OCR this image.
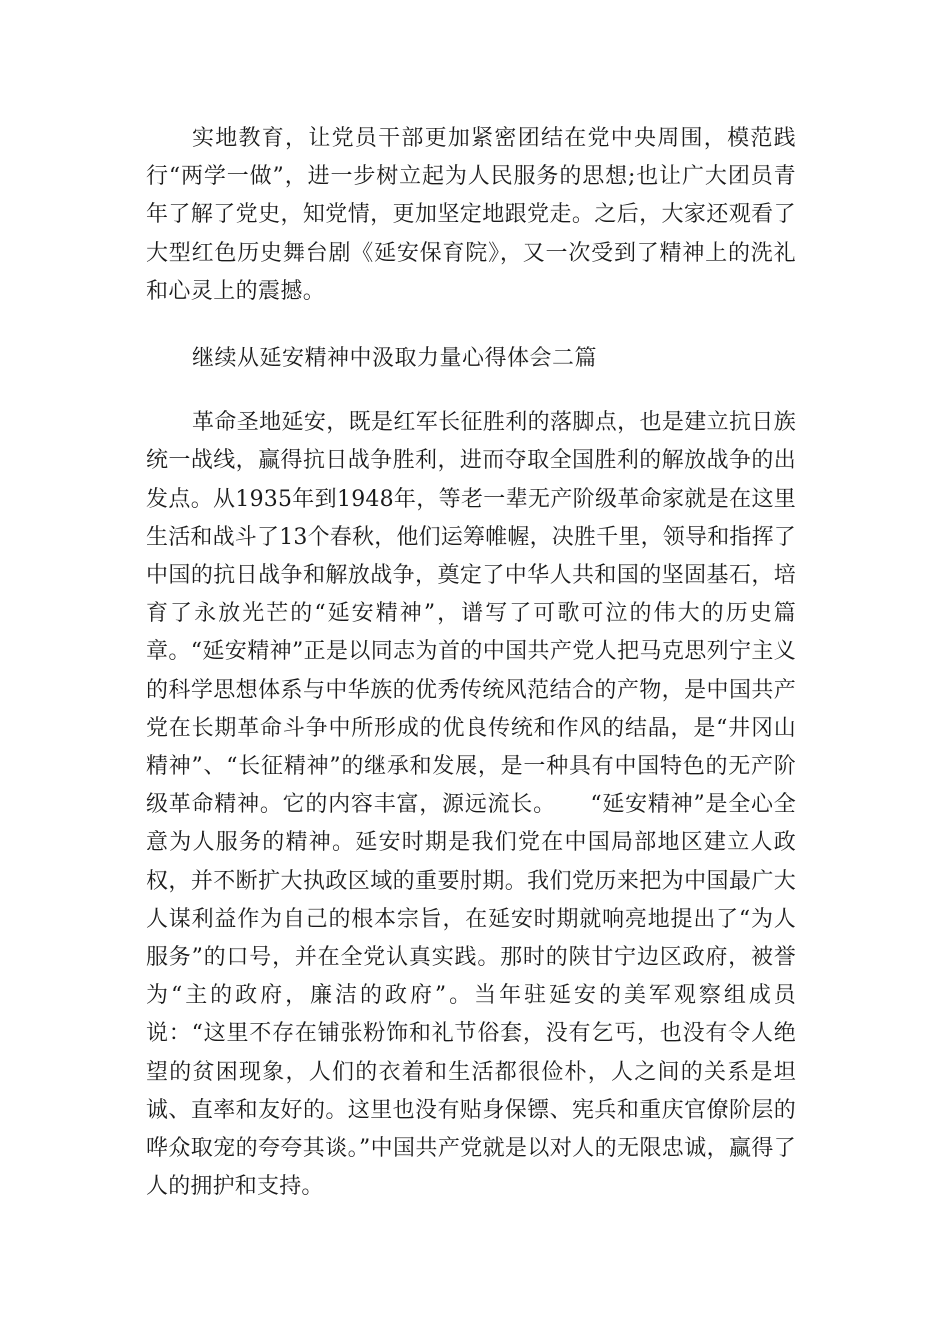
实地教育，让党员干部更加紧密团结在党中央周围，模范践行“两学一做”，进一步树立起为人民服务的思想;也让广大团员青年了解了党史，知党情，更加坚定地跟党走。之后，大家还观看了大型红色历史舞台剧《延安保育院》，又一次受到了精神上的洗礼和心灵上的震撼。

继续从延安精神中汲取力量心得体会二篇

革命圣地延安，既是红军长征胜利的落脚点，也是建立抗日族统一战线，赢得抗日战争胜利，进而夺取全国胜利的解放战争的出发点。从1935年到1948年，等老一辈无产阶级革命家就是在这里生活和战斗了13个春秋，他们运筹帷幄，决胜千里，领导和指挥了中国的抗日战争和解放战争，奠定了中华人共和国的坚固基石，培育了永放光芒的“延安精神”，谱写了可歌可泣的伟大的历史篇章。“延安精神”正是以同志为首的中国共产党人把马克思列宁主义的科学思想体系与中华族的优秀传统风范结合的产物，是中国共产党在长期革命斗争中所形成的优良传统和作风的结晶，是“井冈山精神”、“长征精神”的继承和发展，是一种具有中国特色的无产阶级革命精神。它的内容丰富，源远流长。　　“延安精神”是全心全意为人服务的精神。延安时期是我们党在中国局部地区建立人政权，并不断扩大执政区域的重要肘期。我们党历来把为中国最广大人谋利益作为自己的根本宗旨，在延安时期就响亮地提出了“为人服务”的口号，并在全党认真实践。那时的陕甘宁边区政府，被誉为“主的政府，廉洁的政府”。当年驻延安的美军观察组成员说：“这里不存在铺张粉饰和礼节俗套，没有乞丐，也没有令人绝望的贫困现象，人们的衣着和生活都很俭朴，人之间的关系是坦诚、直率和友好的。这里也没有贴身保镖、宪兵和重庆官僚阶层的哗众取宠的夸夸其谈。”中国共产党就是以对人的无限忠诚，赢得了人的拥护和支持。
